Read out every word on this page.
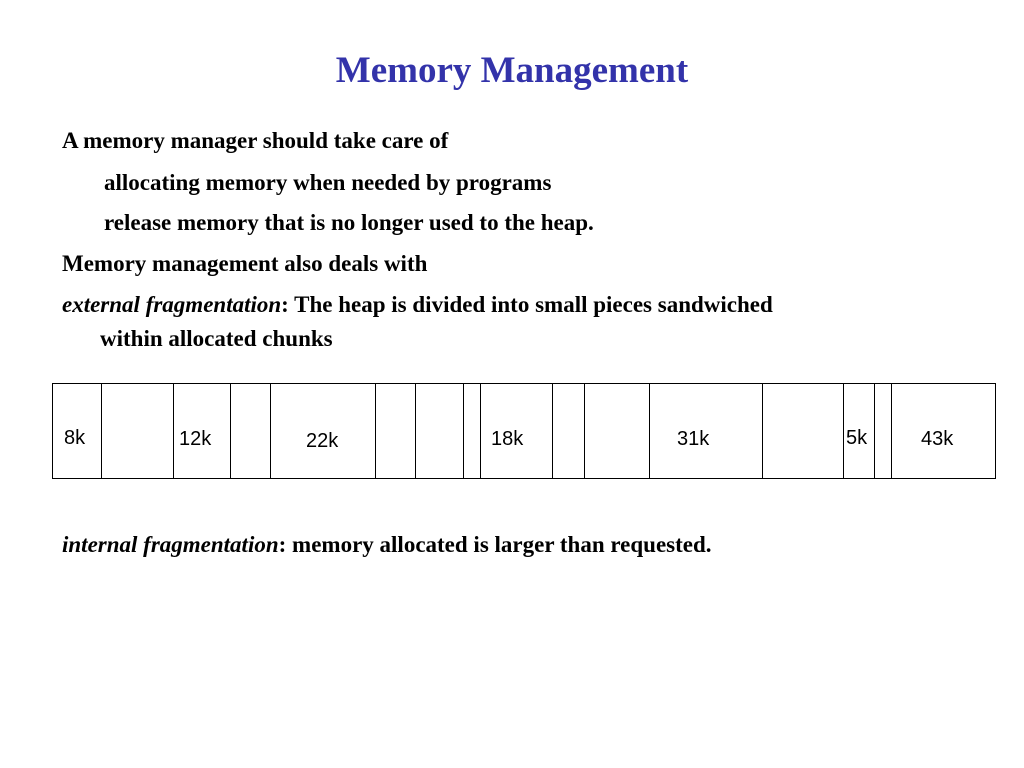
Memory Management
A memory manager should take care of
allocating memory when needed by programs
release memory that is no longer used to the heap.
Memory management also deals with
external fragmentation: The heap is divided into small pieces sandwiched
within allocated chunks
8k	12k	22k	18k	31k	5k	43k
internal fragmentation: memory allocated is larger than requested.
